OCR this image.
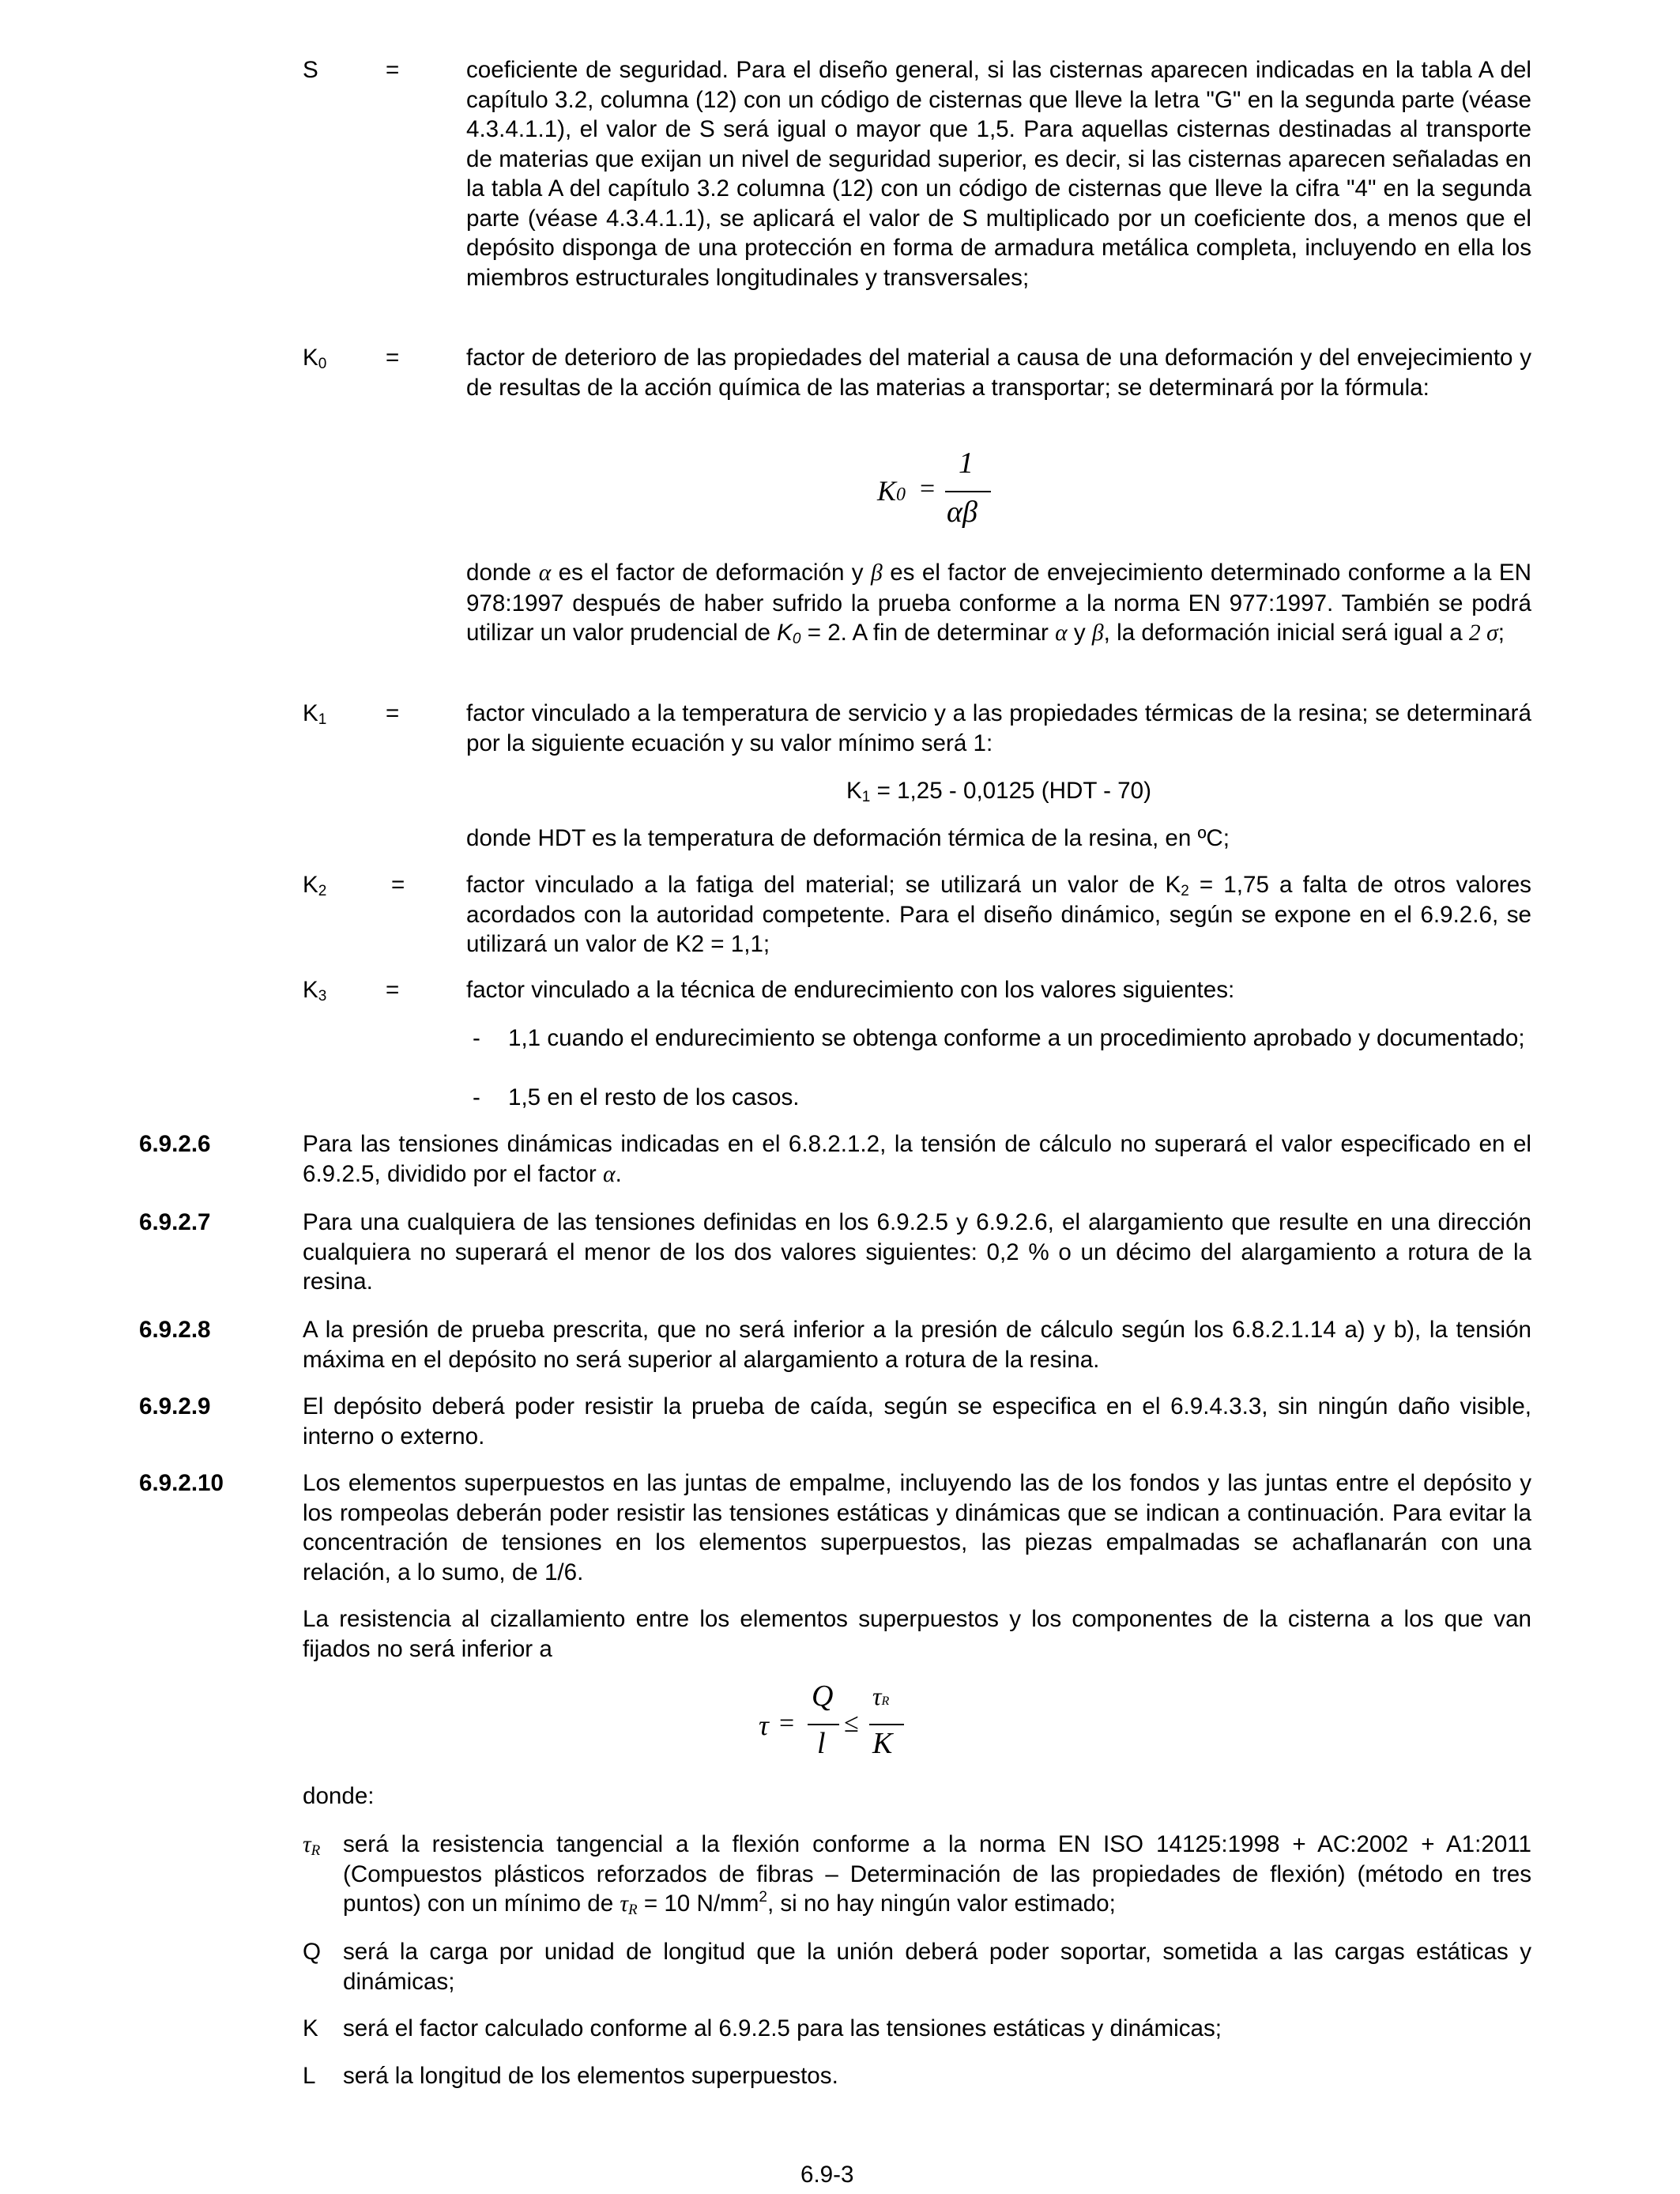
S	=	coeficiente de seguridad. Para el diseño general, si las cisternas aparecen indicadas en la tabla A del capítulo 3.2, columna (12) con un código de cisternas que lleve la letra "G" en la segunda parte (véase 4.3.4.1.1), el valor de S será igual o mayor que 1,5. Para aquellas cisternas destinadas al transporte de materias que exijan un nivel de seguridad superior, es decir, si las cisternas aparecen señaladas en la tabla A del capítulo 3.2 columna (12) con un código de cisternas que lleve la cifra "4" en la segunda parte (véase 4.3.4.1.1), se aplicará el valor de S multiplicado por un coeficiente dos, a menos que el depósito disponga de una protección en forma de armadura metálica completa, incluyendo en ella los miembros estructurales longitudinales y transversales;

$K_0$	=	factor de deterioro de las propiedades del material a causa de una deformación y del envejecimiento y de resultas de la acción química de las materias a transportar; se determinará por la fórmula:

K0 =
1
αβ

donde α es el factor de deformación y β es el factor de envejecimiento determinado conforme a la EN 978:1997 después de haber sufrido la prueba conforme a la norma EN 977:1997. También se podrá utilizar un valor prudencial de $K_0 = 2$. A fin de determinar α y β, la deformación inicial será igual a 2 σ;

$K_1$	=	factor vinculado a la temperatura de servicio y a las propiedades térmicas de la resina; se determinará por la siguiente ecuación y su valor mínimo será 1:

$K_1 = 1,25 - 0,0125$ (HDT - 70)

donde HDT es la temperatura de deformación térmica de la resina, en ºC;

$K_2$	=	factor vinculado a la fatiga del material; se utilizará un valor de $K_2 = 1,75$ a falta de otros valores acordados con la autoridad competente. Para el diseño dinámico, según se expone en el 6.9.2.6, se utilizará un valor de K2 = 1,1;

$K_3$	=	factor vinculado a la técnica de endurecimiento con los valores siguientes:

- 1,1 cuando el endurecimiento se obtenga conforme a un procedimiento aprobado y documentado;

- 1,5 en el resto de los casos.

6.9.2.6	Para las tensiones dinámicas indicadas en el 6.8.2.1.2, la tensión de cálculo no superará el valor especificado en el 6.9.2.5, dividido por el factor α.

6.9.2.7	Para una cualquiera de las tensiones definidas en los 6.9.2.5 y 6.9.2.6, el alargamiento que resulte en una dirección cualquiera no superará el menor de los dos valores siguientes: 0,2 % o un décimo del alargamiento a rotura de la resina.

6.9.2.8	A la presión de prueba prescrita, que no será inferior a la presión de cálculo según los 6.8.2.1.14 a) y b), la tensión máxima en el depósito no será superior al alargamiento a rotura de la resina.

6.9.2.9	El depósito deberá poder resistir la prueba de caída, según se especifica en el 6.9.4.3.3, sin ningún daño visible, interno o externo.

6.9.2.10	Los elementos superpuestos en las juntas de empalme, incluyendo las de los fondos y las juntas entre el depósito y los rompeolas deberán poder resistir las tensiones estáticas y dinámicas que se indican a continuación. Para evitar la concentración de tensiones en los elementos superpuestos, las piezas empalmadas se achaflanarán con una relación, a lo sumo, de 1/6.

La resistencia al cizallamiento entre los elementos superpuestos y los componentes de la cisterna a los que van fijados no será inferior a

τ =
Q
l
≤
τR
K

donde:

$\tau_R$ será la resistencia tangencial a la flexión conforme a la norma EN ISO 14125:1998 + AC:2002 + A1:2011 (Compuestos plásticos reforzados de fibras – Determinación de las propiedades de flexión) (método en tres puntos) con un mínimo de $\tau_R = 10$ $N/mm^2$, si no hay ningún valor estimado;

Q será la carga por unidad de longitud que la unión deberá poder soportar, sometida a las cargas estáticas y dinámicas;

K será el factor calculado conforme al 6.9.2.5 para las tensiones estáticas y dinámicas;

L será la longitud de los elementos superpuestos.

6.9-3
